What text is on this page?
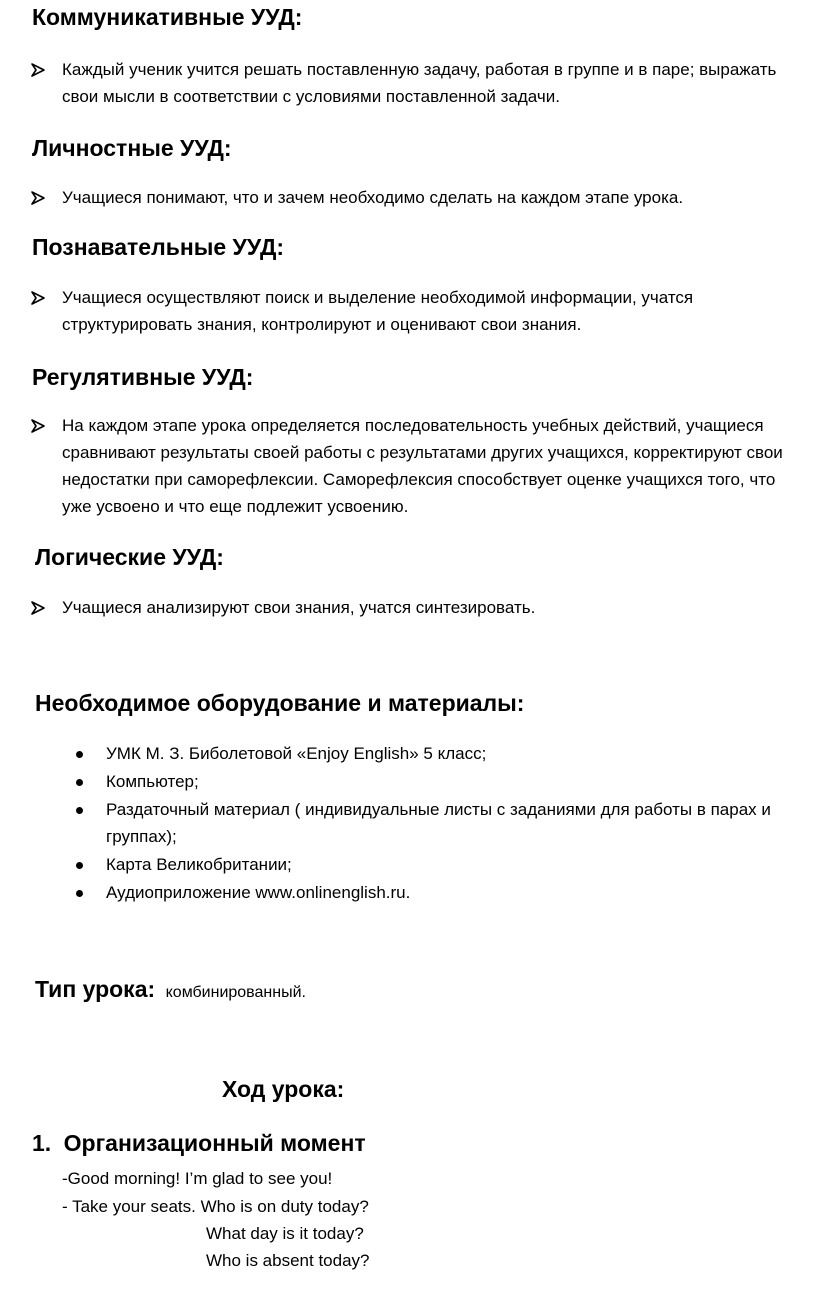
Коммуникативные УУД:
Каждый ученик учится решать поставленную задачу, работая в группе и в паре; выражать свои мысли в соответствии с условиями поставленной задачи.
Личностные УУД:
Учащиеся понимают, что и зачем необходимо сделать на каждом этапе урока.
Познавательные УУД:
Учащиеся осуществляют поиск и выделение необходимой информации, учатся структурировать знания, контролируют и оценивают свои знания.
Регулятивные УУД:
На каждом этапе урока определяется последовательность учебных действий, учащиеся сравнивают результаты своей работы с результатами других учащихся, корректируют свои недостатки при саморефлексии. Саморефлексия способствует оценке учащихся того, что уже усвоено и что еще подлежит усвоению.
Логические УУД:
Учащиеся анализируют свои знания, учатся синтезировать.
Необходимое оборудование и материалы:
УМК М. З. Биболетовой «Enjoy English» 5 класс;
Компьютер;
Раздаточный материал ( индивидуальные листы с заданиями для работы в парах и группах);
Карта Великобритании;
Аудиоприложение www.onlinenglish.ru.
Тип урока: комбинированный.
Ход урока:
1. Организационный момент
-Good morning! I’m glad to see you!
- Take your seats. Who is on duty today?
What day is it today?
Who is absent today?
